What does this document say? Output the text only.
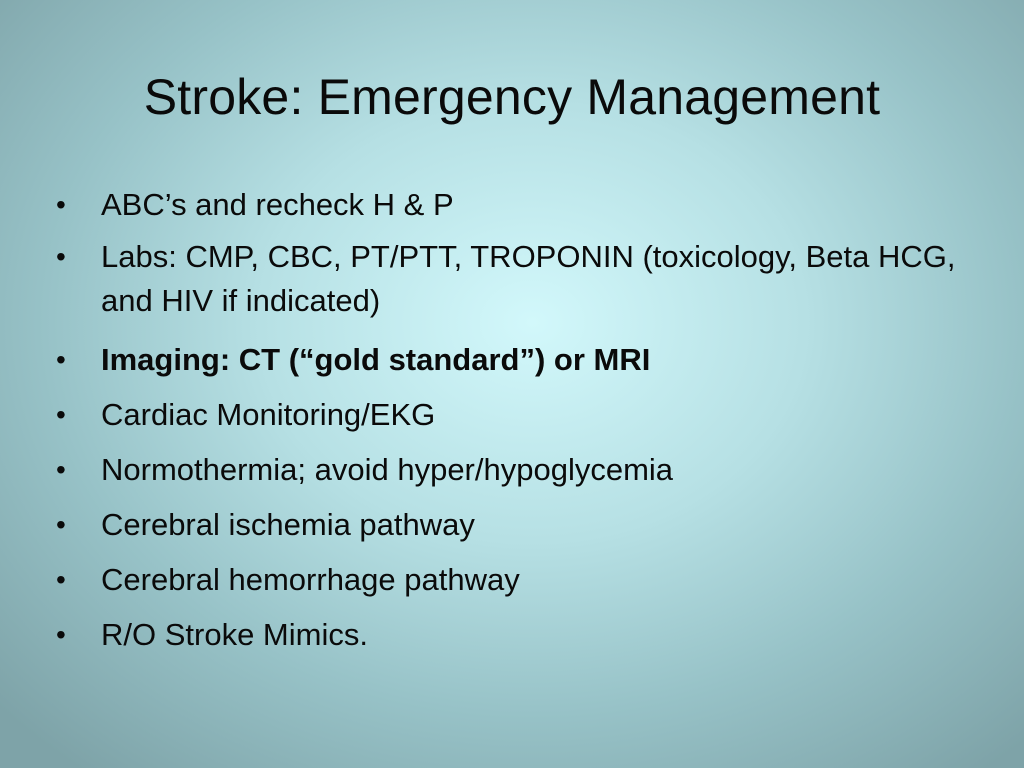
Stroke: Emergency Management
•	ABC’s and recheck H & P
•	Labs: CMP, CBC, PT/PTT, TROPONIN (toxicology, Beta HCG, and HIV if indicated)
•	Imaging: CT (“gold standard”) or MRI
•	Cardiac Monitoring/EKG
•	Normothermia; avoid hyper/hypoglycemia
•	Cerebral ischemia pathway
•	Cerebral hemorrhage pathway
•	R/O Stroke Mimics.
